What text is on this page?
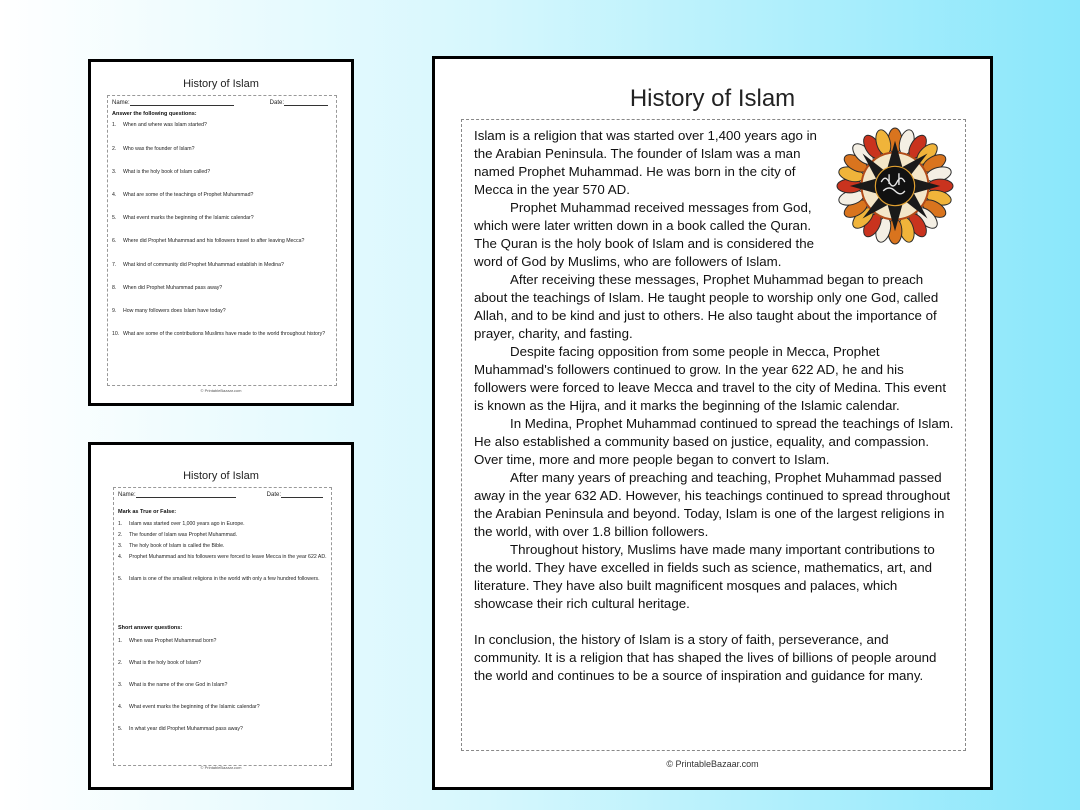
History of Islam
Name:	Date:
Answer the following questions:
1.	When and where was Islam started?
2.	Who was the founder of Islam?
3.	What is the holy book of Islam called?
4.	What are some of the teachings of Prophet Muhammad?
5.	What event marks the beginning of the Islamic calendar?
6.	Where did Prophet Muhammad and his followers travel to after leaving Mecca?
7.	What kind of community did Prophet Muhammad establish in Medina?
8.	When did Prophet Muhammad pass away?
9.	How many followers does Islam have today?
10. What are some of the contributions Muslims have made to the world throughout history?
© PrintableBazaar.com
History of Islam
Name:	Date:
Mark as True or False:
1.	Islam was started over 1,000 years ago in Europe.
2.	The founder of Islam was Prophet Muhammad.
3.	The holy book of Islam is called the Bible.
4.	Prophet Muhammad and his followers were forced to leave Mecca in the year 622 AD.
5.	Islam is one of the smallest religions in the world with only a few hundred followers.
Short answer questions:
1.	When was Prophet Muhammad born?
2.	What is the holy book of Islam?
3.	What is the name of the one God in Islam?
4.	What event marks the beginning of the Islamic calendar?
5.	In what year did Prophet Muhammad pass away?
© PrintableBazaar.com
History of Islam

Islam is a religion that was started over 1,400 years ago in the Arabian Peninsula. The founder of Islam was a man named Prophet Muhammad. He was born in the city of Mecca in the year 570 AD.

Prophet Muhammad received messages from God, which were later written down in a book called the Quran. The Quran is the holy book of Islam and is considered the word of God by Muslims, who are followers of Islam.

After receiving these messages, Prophet Muhammad began to preach about the teachings of Islam. He taught people to worship only one God, called Allah, and to be kind and just to others. He also taught about the importance of prayer, charity, and fasting.

Despite facing opposition from some people in Mecca, Prophet Muhammad's followers continued to grow. In the year 622 AD, he and his followers were forced to leave Mecca and travel to the city of Medina. This event is known as the Hijra, and it marks the beginning of the Islamic calendar.

In Medina, Prophet Muhammad continued to spread the teachings of Islam. He also established a community based on justice, equality, and compassion. Over time, more and more people began to convert to Islam.

After many years of preaching and teaching, Prophet Muhammad passed away in the year 632 AD. However, his teachings continued to spread throughout the Arabian Peninsula and beyond. Today, Islam is one of the largest religions in the world, with over 1.8 billion followers.

Throughout history, Muslims have made many important contributions to the world. They have excelled in fields such as science, mathematics, art, and literature. They have also built magnificent mosques and palaces, which showcase their rich cultural heritage.

In conclusion, the history of Islam is a story of faith, perseverance, and community. It is a religion that has shaped the lives of billions of people around the world and continues to be a source of inspiration and guidance for many.

© PrintableBazaar.com
